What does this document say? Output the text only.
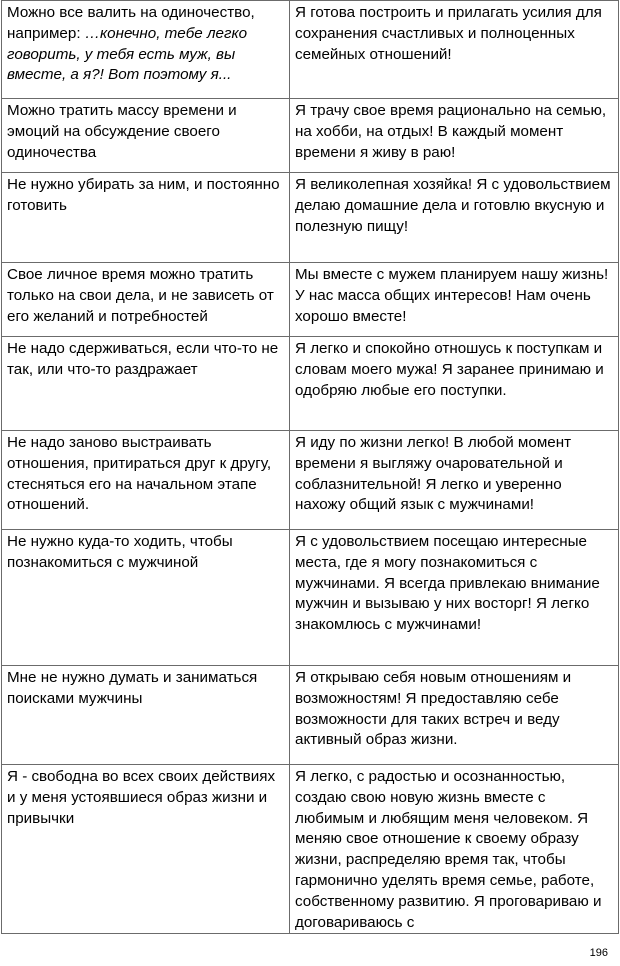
Можно все валить на одиночество, например: …конечно, тебе легко говорить, у тебя есть муж, вы вместе, а я?! Вот поэтому я...	Я готова построить и прилагать усилия для сохранения счастливых и полноценных семейных отношений!
Можно тратить массу времени и эмоций на обсуждение своего одиночества	Я трачу свое время рационально на семью, на хобби, на отдых! В каждый момент времени я живу в раю!
Не нужно убирать за ним, и постоянно готовить	Я великолепная хозяйка! Я с удовольствием делаю домашние дела и готовлю вкусную и полезную пищу!
Свое личное время можно тратить только на свои дела, и не зависеть от его желаний и потребностей	Мы вместе с мужем планируем нашу жизнь! У нас масса общих интересов! Нам очень хорошо вместе!
Не надо сдерживаться, если что-то не так, или что-то раздражает	Я легко и спокойно отношусь к поступкам и словам моего мужа! Я заранее принимаю и одобряю любые его поступки.
Не надо заново выстраивать отношения, притираться друг к другу, стесняться его на начальном этапе отношений.	Я иду по жизни легко! В любой момент времени я выгляжу очаровательной и соблазнительной! Я легко и уверенно нахожу общий язык с мужчинами!
Не нужно куда-то ходить, чтобы познакомиться с мужчиной	Я с удовольствием посещаю интересные места, где я могу познакомиться с мужчинами. Я всегда привлекаю внимание мужчин и вызываю у них восторг! Я легко знакомлюсь с мужчинами!
Мне не нужно думать и заниматься поисками мужчины	Я открываю себя новым отношениям и возможностям! Я предоставляю себе возможности для таких встреч и веду активный образ жизни.
Я - свободна во всех своих действиях и у меня устоявшиеся образ жизни и привычки	Я легко, с радостью и осознанностью, создаю свою новую жизнь вместе с любимым и любящим меня человеком. Я меняю свое отношение к своему образу жизни, распределяю время так, чтобы гармонично уделять время семье, работе, собственному развитию. Я проговариваю и договариваюсь с
196
